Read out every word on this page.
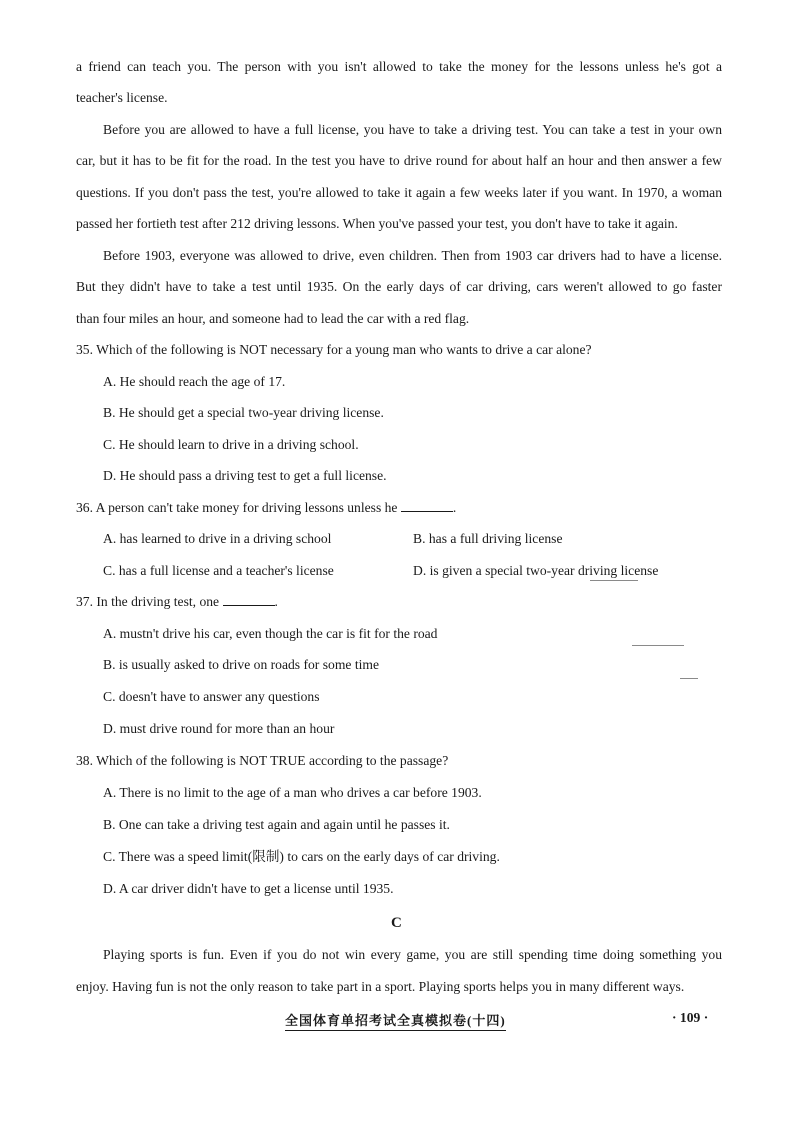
a friend can teach you. The person with you isn't allowed to take the money for the lessons unless he's got a
teacher's license.
Before you are allowed to have a full license, you have to take a driving test. You can take a test in your own
car, but it has to be fit for the road. In the test you have to drive round for about half an hour and then answer a few
questions. If you don't pass the test, you're allowed to take it again a few weeks later if you want. In 1970, a woman
passed her fortieth test after 212 driving lessons. When you've passed your test, you don't have to take it again.
Before 1903, everyone was allowed to drive, even children. Then from 1903 car drivers had to have a license.
But they didn't have to take a test until 1935. On the early days of car driving, cars weren't allowed to go faster
than four miles an hour, and someone had to lead the car with a red flag.
35. Which of the following is NOT necessary for a young man who wants to drive a car alone?
A. He should reach the age of 17.
B. He should get a special two-year driving license.
C. He should learn to drive in a driving school.
D. He should pass a driving test to get a full license.
36. A person can't take money for driving lessons unless he	.
A. has learned to drive in a driving school	B. has a full driving license
C. has a full license and a teacher's license	D. is given a special two-year driving license
37. In the driving test, one	.
A. mustn't drive his car, even though the car is fit for the road
B. is usually asked to drive on roads for some time
C. doesn't have to answer any questions
D. must drive round for more than an hour
38. Which of the following is NOT TRUE according to the passage?
A. There is no limit to the age of a man who drives a car before 1903.
B. One can take a driving test again and again until he passes it.
C. There was a speed limit(限制) to cars on the early days of car driving.
D. A car driver didn't have to get a license until 1935.
C
Playing sports is fun. Even if you do not win every game, you are still spending time doing something you
enjoy. Having fun is not the only reason to take part in a sport. Playing sports helps you in many different ways.
全国体育单招考试全真模拟卷(十四)	· 109 ·
